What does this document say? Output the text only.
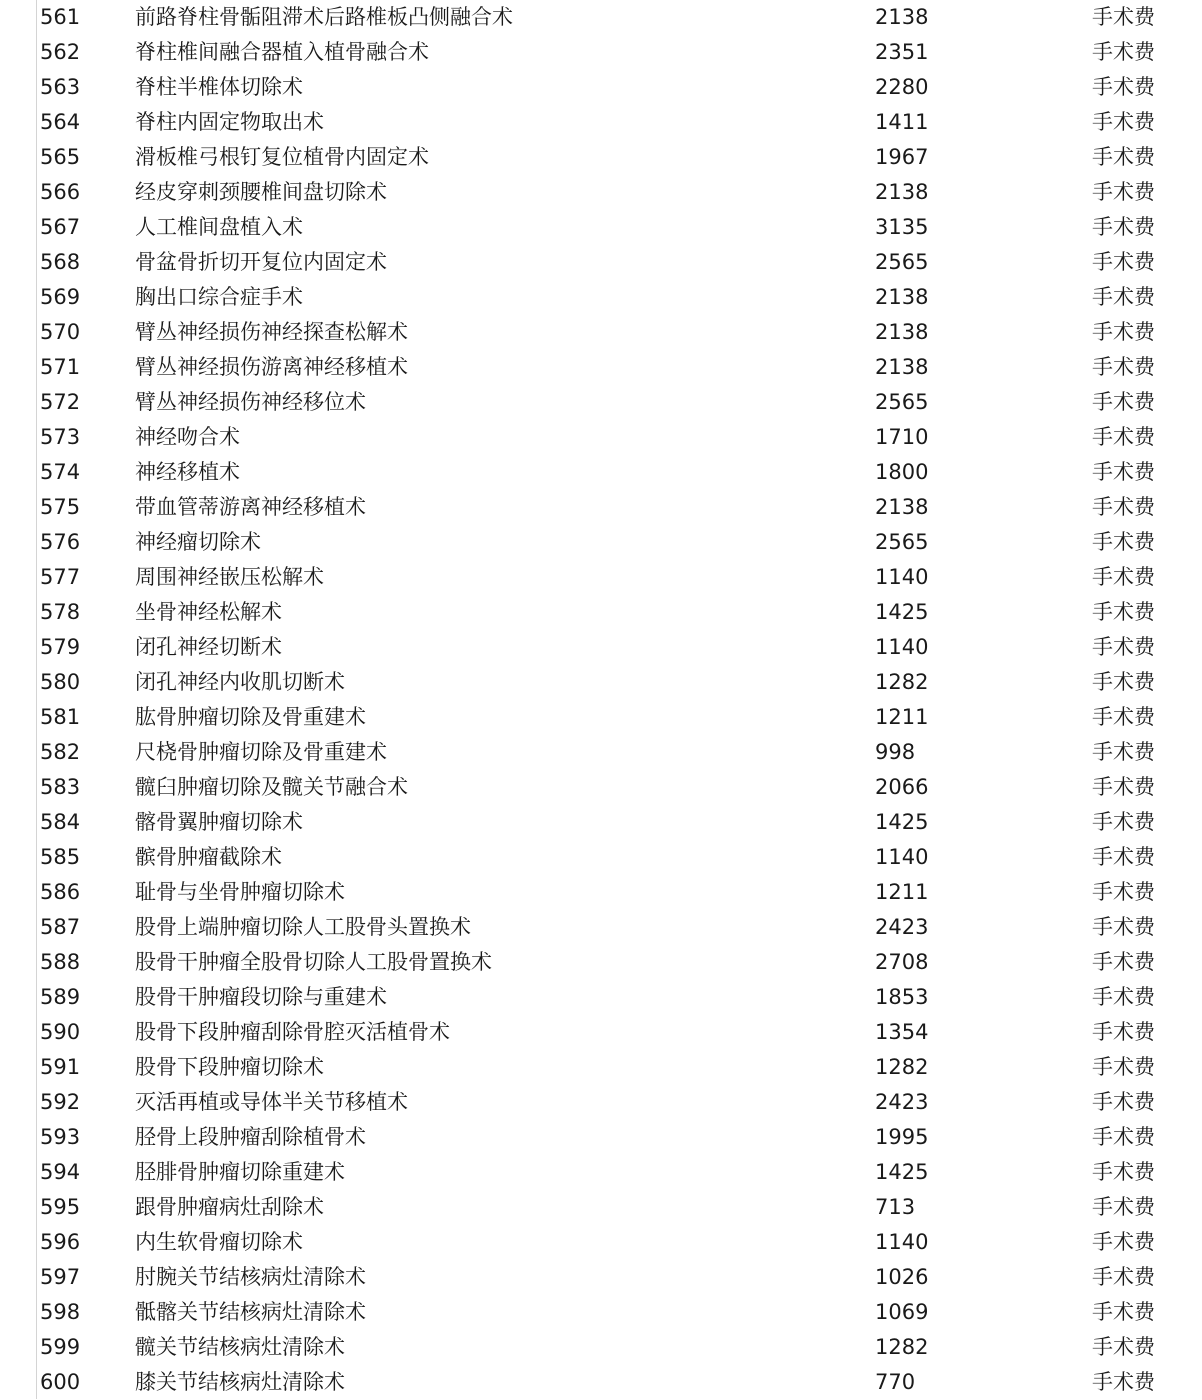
561	前路脊柱骨骺阻滞术后路椎板凸侧融合术	2138	手术费
562	脊柱椎间融合器植入植骨融合术	2351	手术费
563	脊柱半椎体切除术	2280	手术费
564	脊柱内固定物取出术	1411	手术费
565	滑板椎弓根钉复位植骨内固定术	1967	手术费
566	经皮穿刺颈腰椎间盘切除术	2138	手术费
567	人工椎间盘植入术	3135	手术费
568	骨盆骨折切开复位内固定术	2565	手术费
569	胸出口综合症手术	2138	手术费
570	臂丛神经损伤神经探查松解术	2138	手术费
571	臂丛神经损伤游离神经移植术	2138	手术费
572	臂丛神经损伤神经移位术	2565	手术费
573	神经吻合术	1710	手术费
574	神经移植术	1800	手术费
575	带血管蒂游离神经移植术	2138	手术费
576	神经瘤切除术	2565	手术费
577	周围神经嵌压松解术	1140	手术费
578	坐骨神经松解术	1425	手术费
579	闭孔神经切断术	1140	手术费
580	闭孔神经内收肌切断术	1282	手术费
581	肱骨肿瘤切除及骨重建术	1211	手术费
582	尺桡骨肿瘤切除及骨重建术	998	手术费
583	髋臼肿瘤切除及髋关节融合术	2066	手术费
584	髂骨翼肿瘤切除术	1425	手术费
585	髌骨肿瘤截除术	1140	手术费
586	耻骨与坐骨肿瘤切除术	1211	手术费
587	股骨上端肿瘤切除人工股骨头置换术	2423	手术费
588	股骨干肿瘤全股骨切除人工股骨置换术	2708	手术费
589	股骨干肿瘤段切除与重建术	1853	手术费
590	股骨下段肿瘤刮除骨腔灭活植骨术	1354	手术费
591	股骨下段肿瘤切除术	1282	手术费
592	灭活再植或导体半关节移植术	2423	手术费
593	胫骨上段肿瘤刮除植骨术	1995	手术费
594	胫腓骨肿瘤切除重建术	1425	手术费
595	跟骨肿瘤病灶刮除术	713	手术费
596	内生软骨瘤切除术	1140	手术费
597	肘腕关节结核病灶清除术	1026	手术费
598	骶髂关节结核病灶清除术	1069	手术费
599	髋关节结核病灶清除术	1282	手术费
600	膝关节结核病灶清除术	770	手术费
